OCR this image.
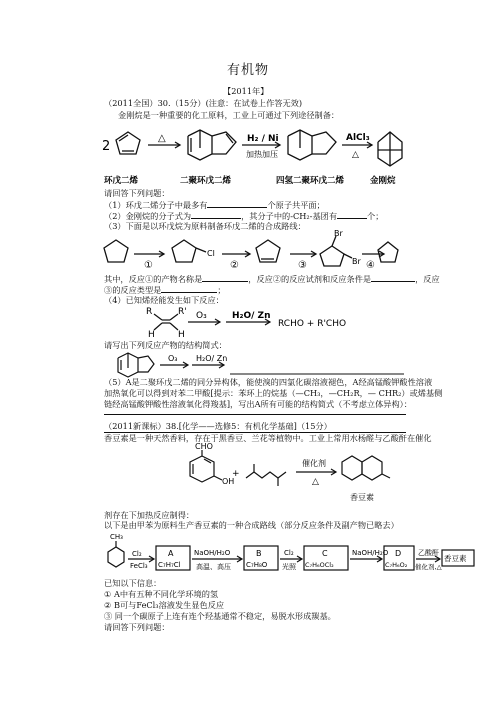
有机物
【2011年】
（2011全国）30.（15分）(注意：在试卷上作答无效)
金刚烷是一种重要的化工原料，工业上可通过下列途径制备：
2
△	H₂ / Ni
加热加压
AlCl₃
△
环戊二烯	二聚环戊二烯	四氢二聚环戊二烯	金刚烷
请回答下列问题：
（1）环戊二烯分子中最多有	个原子共平面；
（2）金刚烷的分子式为	，其分子中的-CH₂-基团有	个；
（3）下面是以环戊烷为原料制备环戊二烯的合成路线：
①
Cl
②	③
Br
Br ④
其中，反应①的产物名称是	，反应②的反应试剂和反应条件是	，反应
③的反应类型是	；
（4）已知烯烃能发生如下反应：
R	R'
H	H
O₃	H₂O/ Zn
RCHO + R'CHO
请写出下列反应产物的结构简式：
O₃ H₂O/ Zn
（5）A是二聚环戊二烯的同分异构体，能使溴的四氯化碳溶液褪色，A经高锰酸钾酸性溶液
加热氧化可以得到对苯二甲酸[提示：苯环上的烷基（—CH₃，—CH₂R，— CHR₂）或烯基侧
链经高锰酸钾酸性溶液氧化得羧基]，写出A所有可能的结构简式（不考虑立体异构）：
（2011新课标）38.[化学——选修5：有机化学基础]（15分）
香豆素是一种天然香料，存在于黑香豆、兰花等植物中。工业上常用水杨醛与乙酸酐在催化
CHO
OH
+
催化剂
△
香豆素
剂存在下加热反应制得：
以下是由甲苯为原料生产香豆素的一种合成路线（部分反应条件及副产物已略去）
CH₃
Cl₂
FeCl₃
A
C₇H₇Cl
NaOH/H₂O
高温、高压
B
C₇H₈O
Cl₂
光照
C
C₇H₆OCl₂
NaOH/H₂O D
C₇H₆O₂
乙酸酐
催化剂,△
香豆素
已知以下信息：
① A中有五种不同化学环境的氢
② B可与FeCl₃溶液发生显色反应
③ 同一个碳原子上连有连个羟基通常不稳定，易脱水形成羰基。
请回答下列问题：
